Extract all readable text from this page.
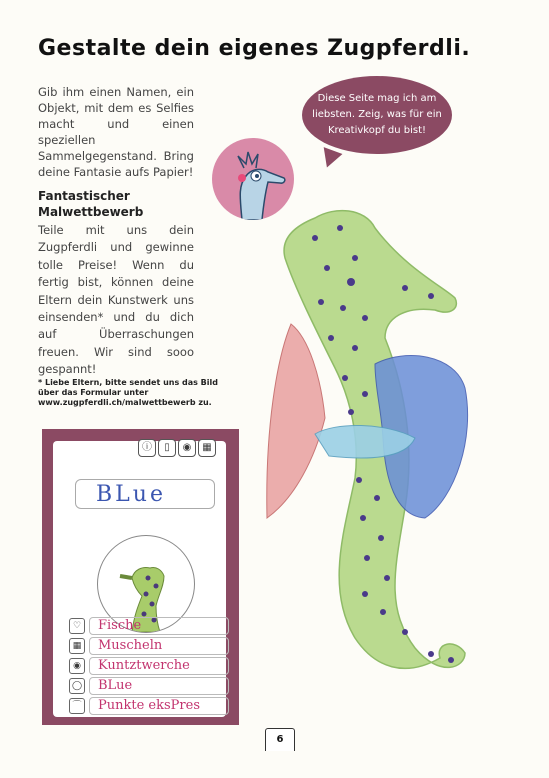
Gestalte dein eigenes Zugpferdli.

Gib ihm einen Namen, ein Objekt, mit dem es Selfies macht und einen speziellen Sammelgegenstand. Bring deine Fantasie aufs Papier!

Diese Seite mag ich am liebsten. Zeig, was für ein Kreativkopf du bist!
Fantastischer Malwettbewerb
Teile mit uns dein Zugpferdli und gewinne tolle Preise! Wenn du fertig bist, können deine Eltern dein Kunstwerk uns einsenden* und du dich auf Überraschungen freuen. Wir sind sooo gespannt!
* Liebe Eltern, bitte sendet uns das Bild über das Formular unter www.zugpferdli.ch/malwettbewerb zu.
ⓘ	▯	◉	▦
BLue
♡	Fische
▦	Muscheln
◉	Kuntztwerche
◯	BLue
⌒	Punkte eksPres
6
